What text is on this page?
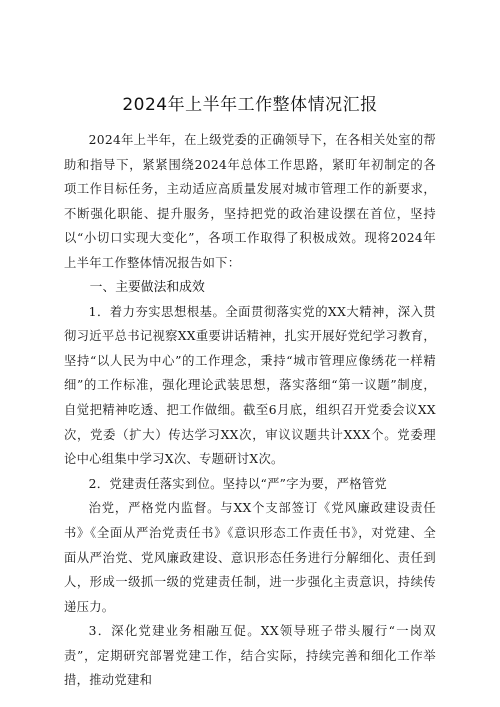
2024年上半年工作整体情况汇报

2024年上半年，在上级党委的正确领导下，在各相关处室的帮助和指导下，紧紧围绕2024年总体工作思路，紧盯年初制定的各项工作目标任务，主动适应高质量发展对城市管理工作的新要求，不断强化职能、提升服务，坚持把党的政治建设摆在首位，坚持以“小切口实现大变化”，各项工作取得了积极成效。现将2024年上半年工作整体情况报告如下：

一、主要做法和成效

1．着力夯实思想根基。全面贯彻落实党的XX大精神，深入贯彻习近平总书记视察XX重要讲话精神，扎实开展好党纪学习教育，坚持“以人民为中心”的工作理念，秉持“城市管理应像绣花一样精细”的工作标准，强化理论武装思想，落实落细“第一议题”制度，自觉把精神吃透、把工作做细。截至6月底，组织召开党委会议XX次，党委（扩大）传达学习XX次，审议议题共计XXX个。党委理论中心组集中学习X次、专题研讨X次。

2．党建责任落实到位。坚持以“严”字为要，严格管党

治党，严格党内监督。与XX个支部签订《党风廉政建设责任书》《全面从严治党责任书》《意识形态工作责任书》，对党建、全面从严治党、党风廉政建设、意识形态任务进行分解细化、责任到人，形成一级抓一级的党建责任制，进一步强化主责意识，持续传递压力。

3．深化党建业务相融互促。XX领导班子带头履行“一岗双责”，定期研究部署党建工作，结合实际，持续完善和细化工作举措，推动党建和
